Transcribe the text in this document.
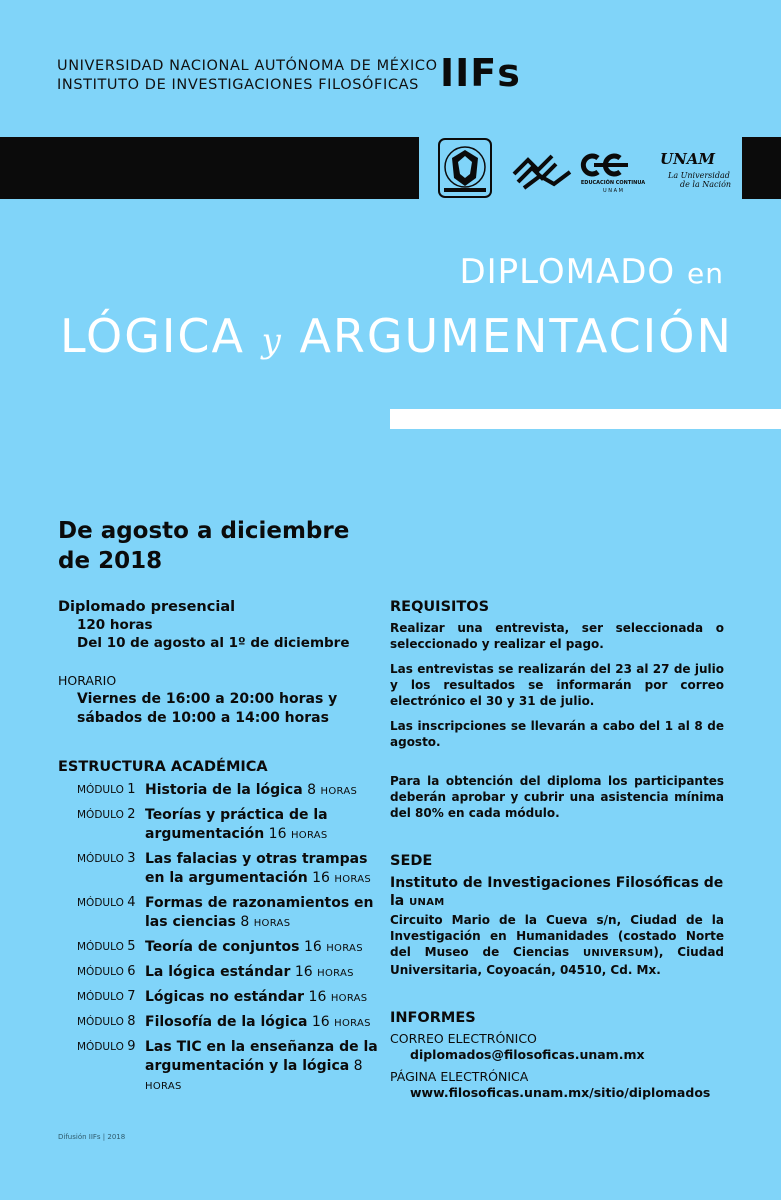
UNIVERSIDAD NACIONAL AUTÓNOMA DE MÉXICO
INSTITUTO DE INVESTIGACIONES FILOSÓFICAS IIFs
EDUCACIÓN CONTINUA
U N A M
UNAM
La Universidad
de la Nación
DIPLOMADO en
LÓGICA y ARGUMENTACIÓN
De agosto a diciembre de 2018
Diplomado presencial
120 horas
Del 10 de agosto al 1º de diciembre
HORARIO
Viernes de 16:00 a 20:00 horas y
sábados de 10:00 a 14:00 horas
ESTRUCTURA ACADÉMICA
MÓDULO 1 Historia de la lógica 8 HORAS
MÓDULO 2 Teorías y práctica de la argumentación 16 HORAS
MÓDULO 3 Las falacias y otras trampas en la argumentación 16 HORAS
MÓDULO 4 Formas de razonamientos en las ciencias 8 HORAS
MÓDULO 5 Teoría de conjuntos 16 HORAS
MÓDULO 6 La lógica estándar 16 HORAS
MÓDULO 7 Lógicas no estándar 16 HORAS
MÓDULO 8 Filosofía de la lógica 16 HORAS
MÓDULO 9 Las TIC en la enseñanza de la argumentación y la lógica 8 HORAS
REQUISITOS

Realizar una entrevista, ser seleccionada o seleccionado y realizar el pago.

Las entrevistas se realizarán del 23 al 27 de julio y los resultados se informarán por correo electrónico el 30 y 31 de julio.

Las inscripciones se llevarán a cabo del 1 al 8 de agosto.

Para la obtención del diploma los participantes deberán aprobar y cubrir una asistencia mínima del 80% en cada módulo.

SEDE
Instituto de Investigaciones Filosóficas de la UNAM

Circuito Mario de la Cueva s/n, Ciudad de la Investigación en Humanidades (costado Norte del Museo de Ciencias UNIVERSUM), Ciudad Universitaria, Coyoacán, 04510, Cd. Mx.

INFORMES
CORREO ELECTRÓNICO
diplomados@filosoficas.unam.mx
PÁGINA ELECTRÓNICA
www.filosoficas.unam.mx/sitio/diplomados
Difusión IIFs | 2018
